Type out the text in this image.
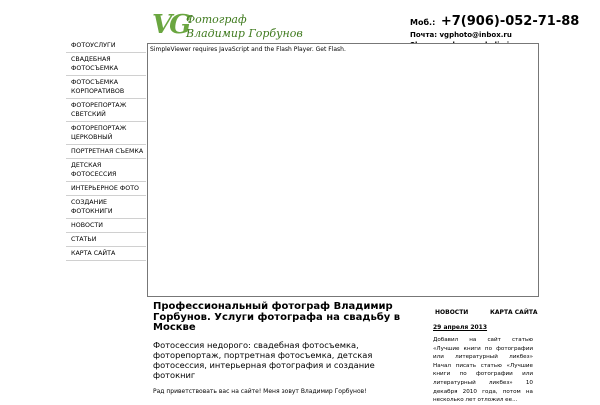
VG
Фотограф
Владимир Горбунов
Моб.: +7(906)-052-71-88
Почта: vgphoto@inbox.ru
ФОТОУСЛУГИ
СВАДЕБНАЯ ФОТОСЪЕМКА
ФОТОСЪЕМКА КОРПОРАТИВОВ
ФОТОРЕПОРТАЖ СВЕТСКИЙ
ФОТОРЕПОРТАЖ ЦЕРКОВНЫЙ
ПОРТРЕТНАЯ СЪЕМКА
ДЕТСКАЯ ФОТОСЕССИЯ
ИНТЕРЬЕРНОЕ ФОТО
СОЗДАНИЕ ФОТОКНИГИ
НОВОСТИ
СТАТЬИ
КАРТА САЙТА
SimpleViewer requires JavaScript and the Flash Player. Get Flash.
Профессиональный фотограф Владимир Горбунов. Услуги фотографа на свадьбу в Москве
Фотосессия недорого: свадебная фотосъемка, фоторепортаж, портретная фотосъемка, детская фотосессия, интерьерная фотография и создание фотокниг
Рад приветствовать вас на сайте! Меня зовут Владимир Горбунов!
НОВОСТИ	КАРТА САЙТА
29 апреля 2013
Добавил на сайт статью «Лучшие книги по фотографии или литературный ликбез» Начал писать статью «Лучшие книги по фотографии или литературный ликбез» 10 декабря 2010 года, потом на несколько лет отложил ее...
